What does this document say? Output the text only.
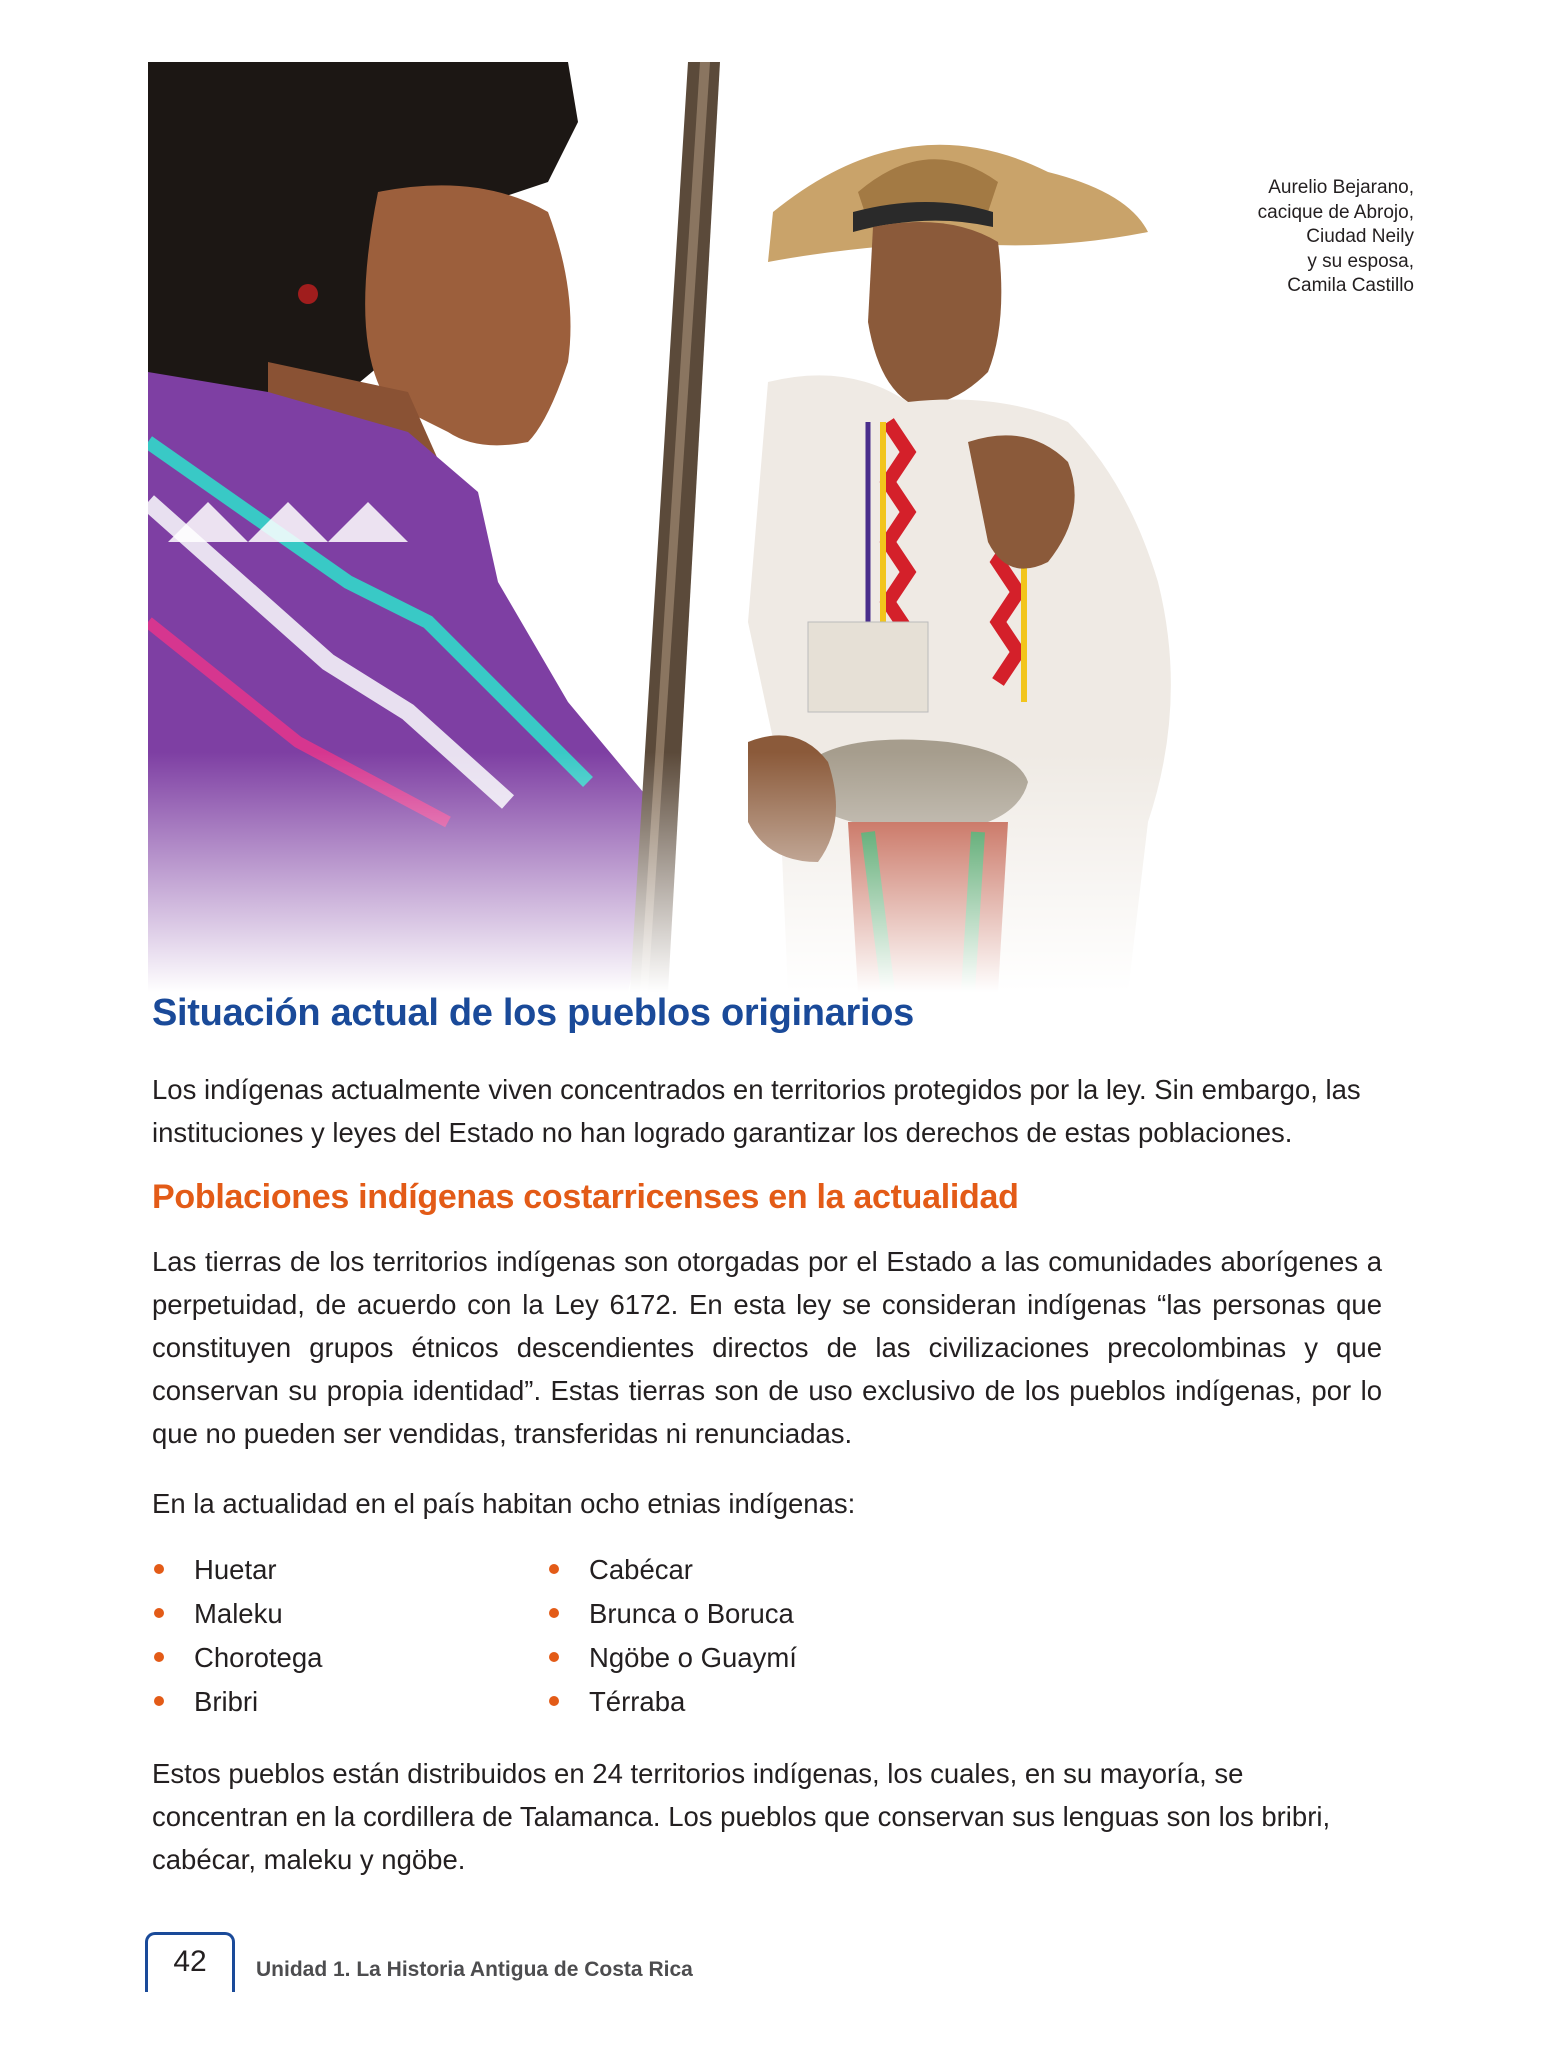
Aurelio Bejarano,
cacique de Abrojo,
Ciudad Neily
y su esposa,
Camila Castillo
Situación actual de los pueblos originarios

Los indígenas actualmente viven concentrados en territorios protegidos por la ley. Sin embargo, las instituciones y leyes del Estado no han logrado garantizar los derechos de estas poblaciones.

Poblaciones indígenas costarricenses en la actualidad

Las tierras de los territorios indígenas son otorgadas por el Estado a las comunidades aborígenes a perpetuidad, de acuerdo con la Ley 6172. En esta ley se consideran indígenas “las personas que constituyen grupos étnicos descendientes directos de las civilizaciones precolombinas y que conservan su propia identidad”. Estas tierras son de uso exclusivo de los pueblos indígenas, por lo que no pueden ser vendidas, transferidas ni renunciadas.

En la actualidad en el país habitan ocho etnias indígenas:

Huetar
Maleku
Chorotega
Bribri
Cabécar
Brunca o Boruca
Ngöbe o Guaymí
Térraba

Estos pueblos están distribuidos en 24 territorios indígenas, los cuales, en su mayoría, se concentran en la cordillera de Talamanca. Los pueblos que conservan sus lenguas son los bribri, cabécar, maleku y ngöbe.

42	Unidad 1. La Historia Antigua de Costa Rica
